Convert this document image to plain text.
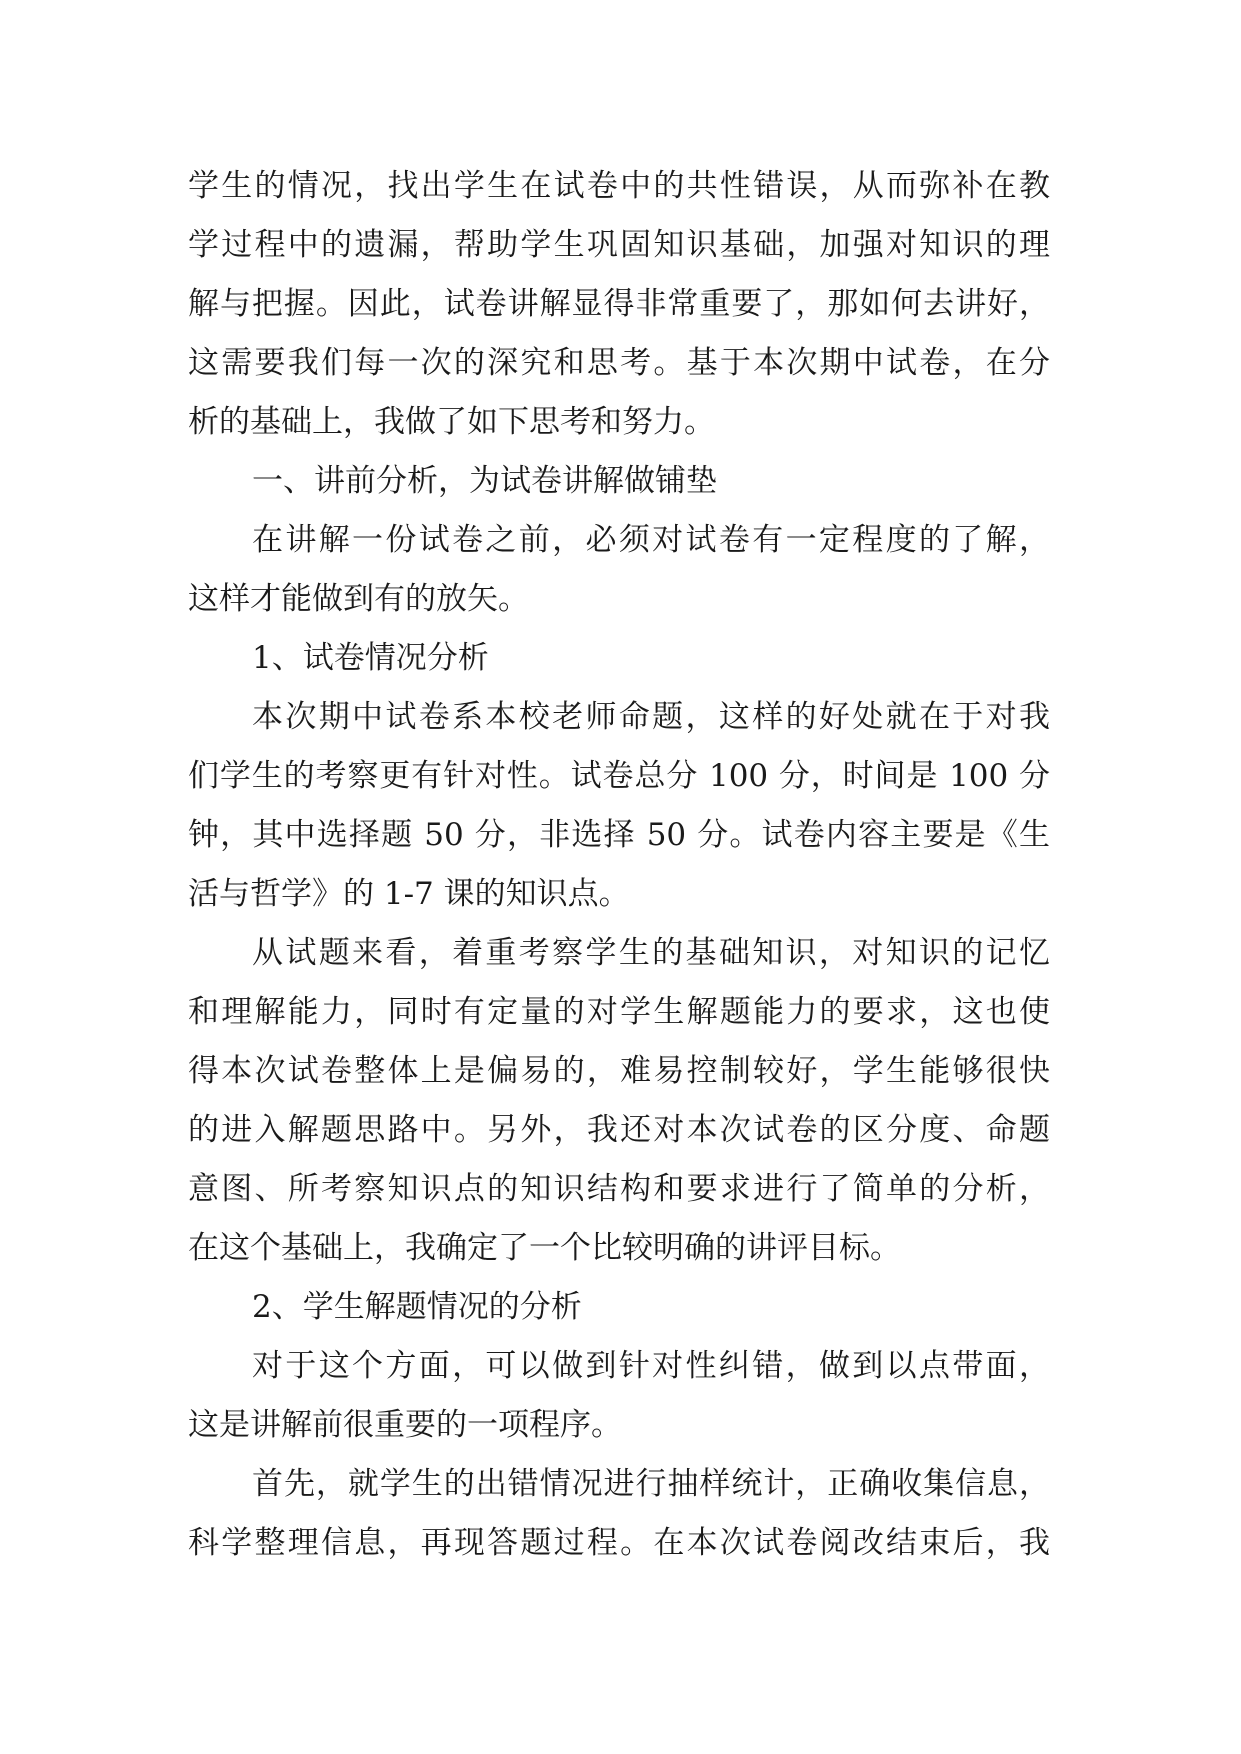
学生的情况，找出学生在试卷中的共性错误，从而弥补在教
学过程中的遗漏，帮助学生巩固知识基础，加强对知识的理
解与把握。因此，试卷讲解显得非常重要了，那如何去讲好，
这需要我们每一次的深究和思考。基于本次期中试卷，在分
析的基础上，我做了如下思考和努力。
一、讲前分析，为试卷讲解做铺垫
在讲解一份试卷之前，必须对试卷有一定程度的了解，
这样才能做到有的放矢。
1、试卷情况分析
本次期中试卷系本校老师命题，这样的好处就在于对我
们学生的考察更有针对性。试卷总分 100 分，时间是 100 分
钟，其中选择题 50 分，非选择 50 分。试卷内容主要是《生
活与哲学》的 1-7 课的知识点。
从试题来看，着重考察学生的基础知识，对知识的记忆
和理解能力，同时有定量的对学生解题能力的要求，这也使
得本次试卷整体上是偏易的，难易控制较好，学生能够很快
的进入解题思路中。另外，我还对本次试卷的区分度、命题
意图、所考察知识点的知识结构和要求进行了简单的分析，
在这个基础上，我确定了一个比较明确的讲评目标。
2、学生解题情况的分析
对于这个方面，可以做到针对性纠错，做到以点带面，
这是讲解前很重要的一项程序。
首先，就学生的出错情况进行抽样统计，正确收集信息，
科学整理信息，再现答题过程。在本次试卷阅改结束后，我
